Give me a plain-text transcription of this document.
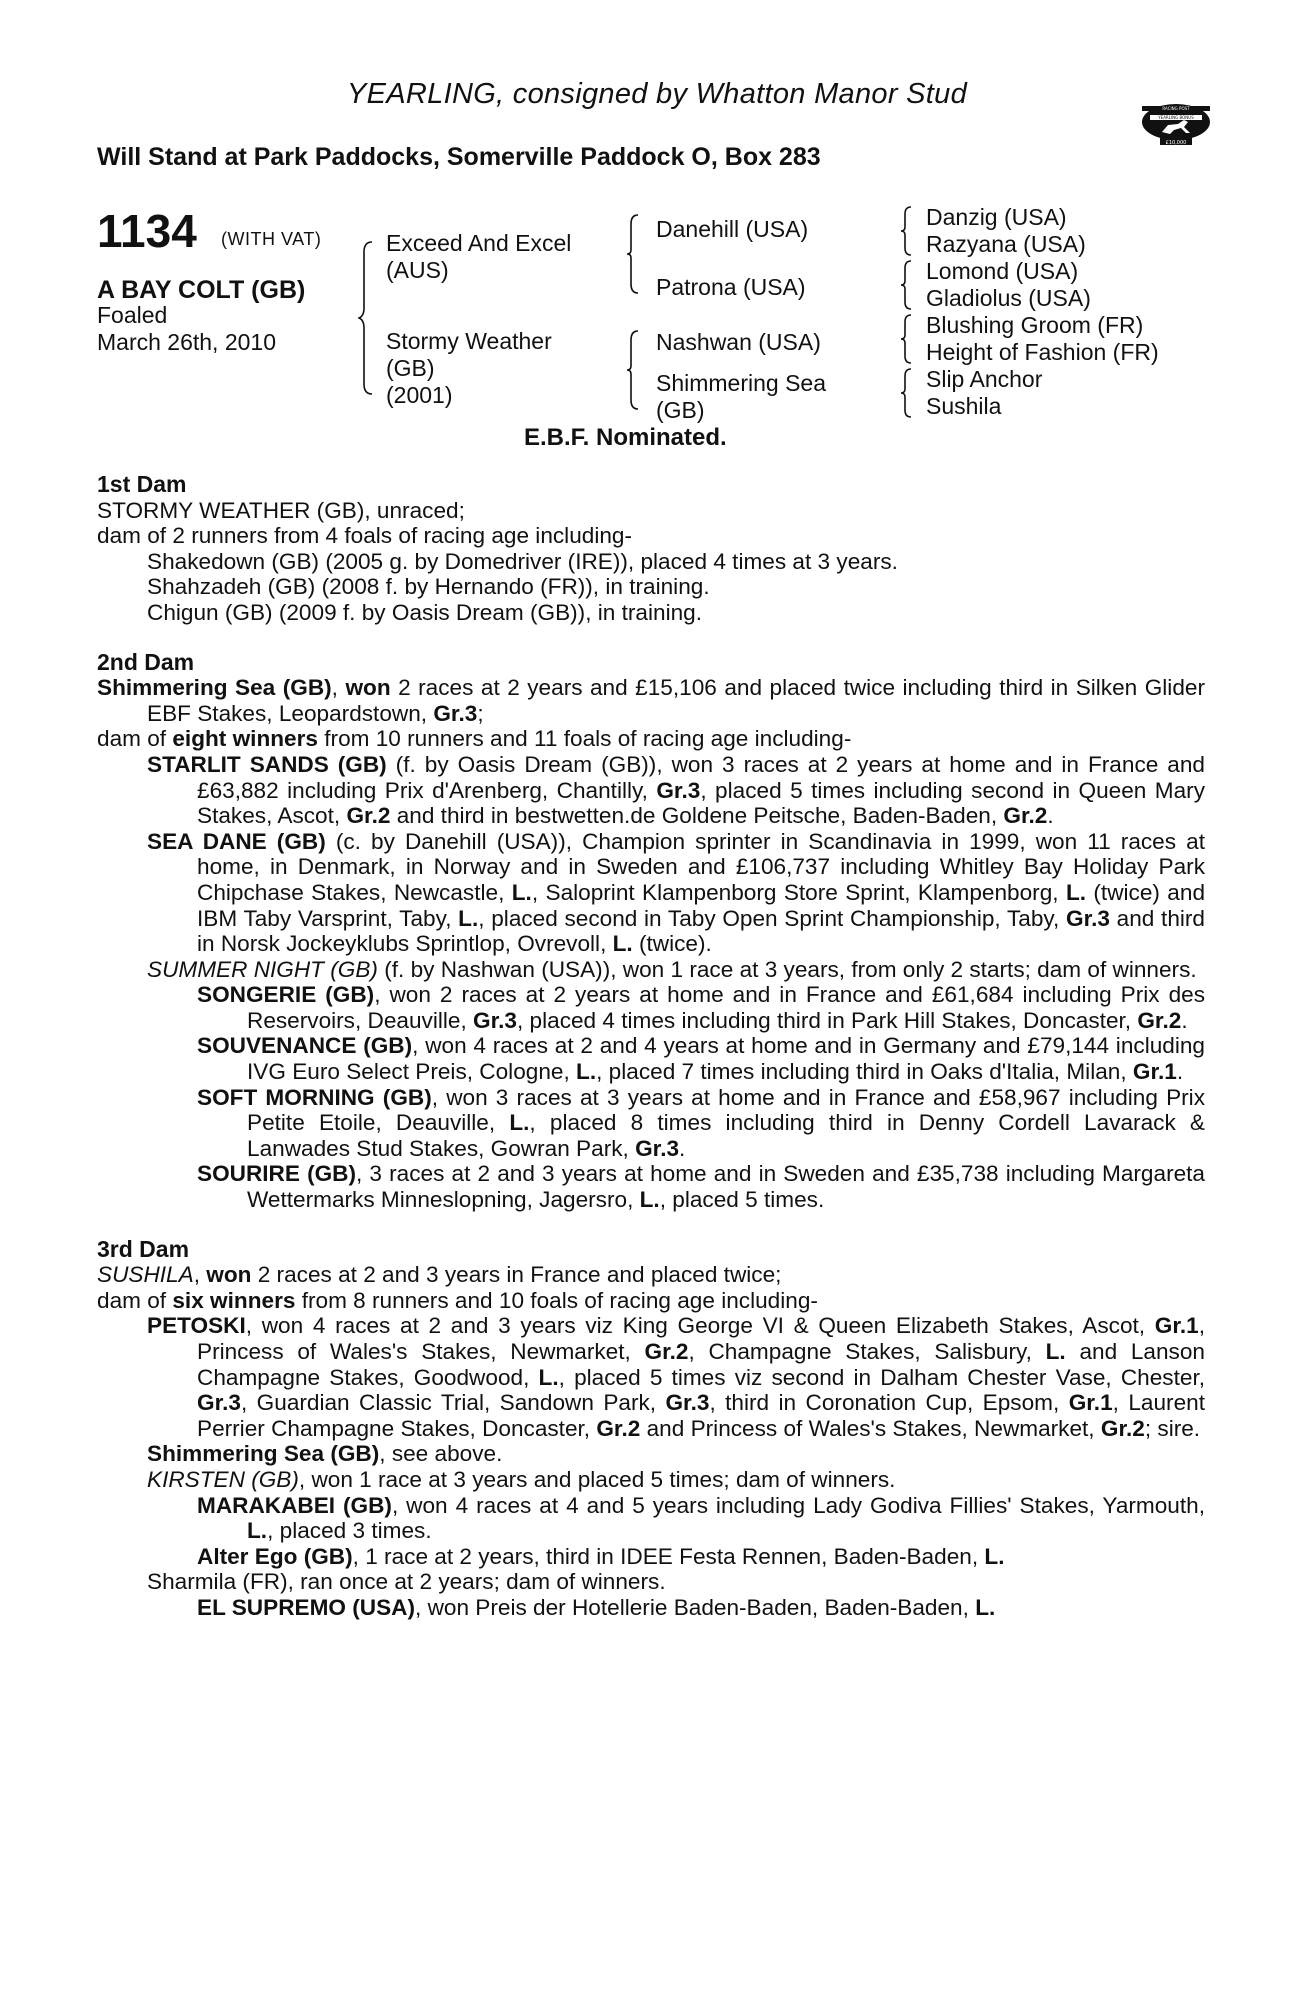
YEARLING, consigned by Whatton Manor Stud
Will Stand at Park Paddocks, Somerville Paddock O, Box 283
RACING POST
YEARLING BONUS
£10,000
1134 (WITH VAT)
A BAY COLT (GB)
Foaled
March 26th, 2010
Exceed And Excel
(AUS)
Stormy Weather
(GB)
(2001)
Danehill (USA)
Patrona (USA)
Nashwan (USA)
Shimmering Sea
(GB)
Danzig (USA)
Razyana (USA)
Lomond (USA)
Gladiolus (USA)
Blushing Groom (FR)
Height of Fashion (FR)
Slip Anchor
Sushila
E.B.F. Nominated.

1st Dam

STORMY WEATHER (GB), unraced;

dam of 2 runners from 4 foals of racing age including-

Shakedown (GB) (2005 g. by Domedriver (IRE)), placed 4 times at 3 years.

Shahzadeh (GB) (2008 f. by Hernando (FR)), in training.

Chigun (GB) (2009 f. by Oasis Dream (GB)), in training.

2nd Dam

Shimmering Sea (GB), won 2 races at 2 years and £15,106 and placed twice including third in Silken Glider EBF Stakes, Leopardstown, Gr.3;

dam of eight winners from 10 runners and 11 foals of racing age including-

STARLIT SANDS (GB) (f. by Oasis Dream (GB)), won 3 races at 2 years at home and in France and £63,882 including Prix d'Arenberg, Chantilly, Gr.3, placed 5 times including second in Queen Mary Stakes, Ascot, Gr.2 and third in bestwetten.de Goldene Peitsche, Baden-Baden, Gr.2.

SEA DANE (GB) (c. by Danehill (USA)), Champion sprinter in Scandinavia in 1999, won 11 races at home, in Denmark, in Norway and in Sweden and £106,737 including Whitley Bay Holiday Park Chipchase Stakes, Newcastle, L., Saloprint Klampenborg Store Sprint, Klampenborg, L. (twice) and IBM Taby Varsprint, Taby, L., placed second in Taby Open Sprint Championship, Taby, Gr.3 and third in Norsk Jockeyklubs Sprintlop, Ovrevoll, L. (twice).

SUMMER NIGHT (GB) (f. by Nashwan (USA)), won 1 race at 3 years, from only 2 starts; dam of winners.

SONGERIE (GB), won 2 races at 2 years at home and in France and £61,684 including Prix des Reservoirs, Deauville, Gr.3, placed 4 times including third in Park Hill Stakes, Doncaster, Gr.2.

SOUVENANCE (GB), won 4 races at 2 and 4 years at home and in Germany and £79,144 including IVG Euro Select Preis, Cologne, L., placed 7 times including third in Oaks d'Italia, Milan, Gr.1.

SOFT MORNING (GB), won 3 races at 3 years at home and in France and £58,967 including Prix Petite Etoile, Deauville, L., placed 8 times including third in Denny Cordell Lavarack & Lanwades Stud Stakes, Gowran Park, Gr.3.

SOURIRE (GB), 3 races at 2 and 3 years at home and in Sweden and £35,738 including Margareta Wettermarks Minneslopning, Jagersro, L., placed 5 times.

3rd Dam

SUSHILA, won 2 races at 2 and 3 years in France and placed twice;

dam of six winners from 8 runners and 10 foals of racing age including-

PETOSKI, won 4 races at 2 and 3 years viz King George VI & Queen Elizabeth Stakes, Ascot, Gr.1, Princess of Wales's Stakes, Newmarket, Gr.2, Champagne Stakes, Salisbury, L. and Lanson Champagne Stakes, Goodwood, L., placed 5 times viz second in Dalham Chester Vase, Chester, Gr.3, Guardian Classic Trial, Sandown Park, Gr.3, third in Coronation Cup, Epsom, Gr.1, Laurent Perrier Champagne Stakes, Doncaster, Gr.2 and Princess of Wales's Stakes, Newmarket, Gr.2; sire.

Shimmering Sea (GB), see above.

KIRSTEN (GB), won 1 race at 3 years and placed 5 times; dam of winners.

MARAKABEI (GB), won 4 races at 4 and 5 years including Lady Godiva Fillies' Stakes, Yarmouth, L., placed 3 times.

Alter Ego (GB), 1 race at 2 years, third in IDEE Festa Rennen, Baden-Baden, L.

Sharmila (FR), ran once at 2 years; dam of winners.

EL SUPREMO (USA), won Preis der Hotellerie Baden-Baden, Baden-Baden, L.
